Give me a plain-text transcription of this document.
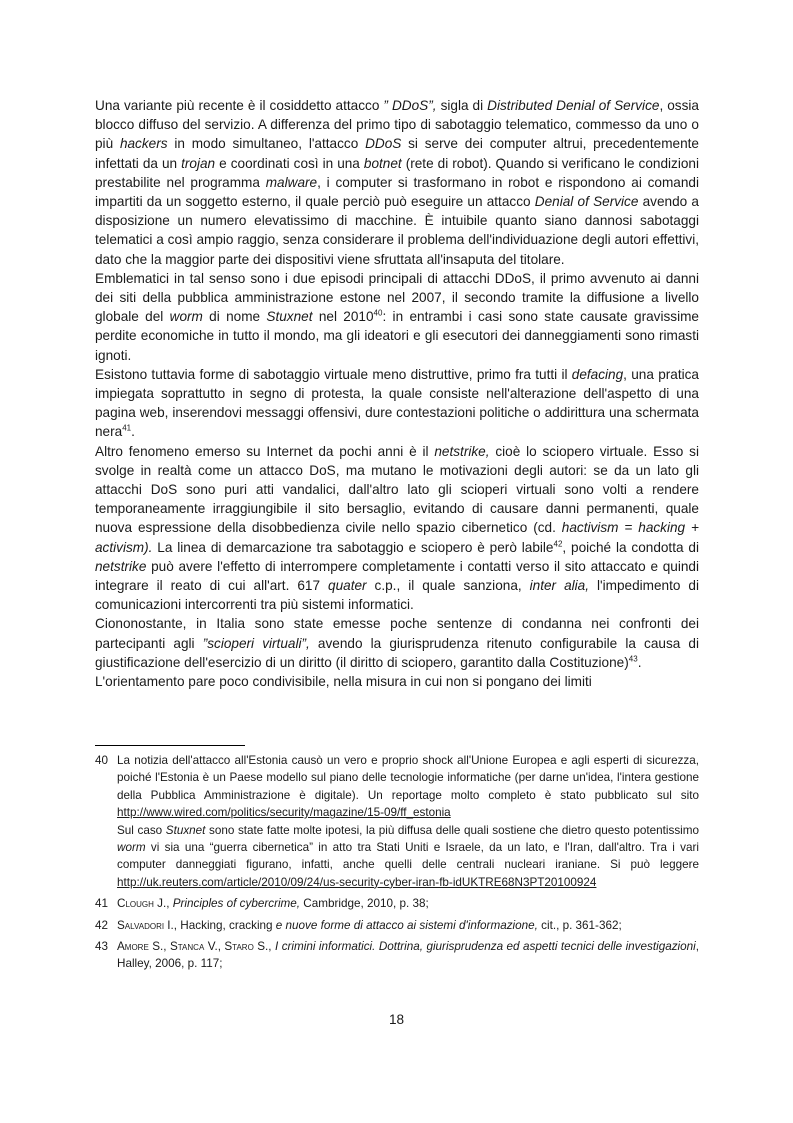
Una variante più recente è il cosiddetto attacco ” DDoS”, sigla di Distributed Denial of Service, ossia blocco diffuso del servizio. A differenza del primo tipo di sabotaggio telematico, commesso da uno o più hackers in modo simultaneo, l'attacco DDoS si serve dei computer altrui, precedentemente infettati da un trojan e coordinati così in una botnet (rete di robot). Quando si verificano le condizioni prestabilite nel programma malware, i computer si trasformano in robot e rispondono ai comandi impartiti da un soggetto esterno, il quale perciò può eseguire un attacco Denial of Service avendo a disposizione un numero elevatissimo di macchine. È intuibile quanto siano dannosi sabotaggi telematici a così ampio raggio, senza considerare il problema dell'individuazione degli autori effettivi, dato che la maggior parte dei dispositivi viene sfruttata all'insaputa del titolare.

Emblematici in tal senso sono i due episodi principali di attacchi DDoS, il primo avvenuto ai danni dei siti della pubblica amministrazione estone nel 2007, il secondo tramite la diffusione a livello globale del worm di nome Stuxnet nel 2010$^{40}$: in entrambi i casi sono state causate gravissime perdite economiche in tutto il mondo, ma gli ideatori e gli esecutori dei danneggiamenti sono rimasti ignoti.

Esistono tuttavia forme di sabotaggio virtuale meno distruttive, primo fra tutti il defacing, una pratica impiegata soprattutto in segno di protesta, la quale consiste nell'alterazione dell'aspetto di una pagina web, inserendovi messaggi offensivi, dure contestazioni politiche o addirittura una schermata nera$^{41}$.

Altro fenomeno emerso su Internet da pochi anni è il netstrike, cioè lo sciopero virtuale. Esso si svolge in realtà come un attacco DoS, ma mutano le motivazioni degli autori: se da un lato gli attacchi DoS sono puri atti vandalici, dall'altro lato gli scioperi virtuali sono volti a rendere temporaneamente irraggiungibile il sito bersaglio, evitando di causare danni permanenti, quale nuova espressione della disobbedienza civile nello spazio cibernetico (cd. hactivism = hacking + activism). La linea di demarcazione tra sabotaggio e sciopero è però labile$^{42}$, poiché la condotta di netstrike può avere l'effetto di interrompere completamente i contatti verso il sito attaccato e quindi integrare il reato di cui all'art. 617 quater c.p., il quale sanziona, inter alia, l'impedimento di comunicazioni intercorrenti tra più sistemi informatici.

Ciononostante, in Italia sono state emesse poche sentenze di condanna nei confronti dei partecipanti agli ”scioperi virtuali”, avendo la giurisprudenza ritenuto configurabile la causa di giustificazione dell'esercizio di un diritto (il diritto di sciopero, garantito dalla Costituzione)$^{43}$.

L'orientamento pare poco condivisibile, nella misura in cui non si pongano dei limiti

40 La notizia dell'attacco all'Estonia causò un vero e proprio shock all'Unione Europea e agli esperti di sicurezza, poiché l'Estonia è un Paese modello sul piano delle tecnologie informatiche (per darne un'idea, l'intera gestione della Pubblica Amministrazione è digitale). Un reportage molto completo è stato pubblicato sul sito http://www.wired.com/politics/security/magazine/15-09/ff_estonia

Sul caso Stuxnet sono state fatte molte ipotesi, la più diffusa delle quali sostiene che dietro questo potentissimo worm vi sia una “guerra cibernetica” in atto tra Stati Uniti e Israele, da un lato, e l'Iran, dall'altro. Tra i vari computer danneggiati figurano, infatti, anche quelli delle centrali nucleari iraniane. Si può leggere http://uk.reuters.com/article/2010/09/24/us-security-cyber-iran-fb-idUKTRE68N3PT20100924

41 Clough J., Principles of cybercrime, Cambridge, 2010, p. 38;

42 Salvadori I., Hacking, cracking e nuove forme di attacco ai sistemi d'informazione, cit., p. 361-362;

43 Amore S., Stanca V., Staro S., I crimini informatici. Dottrina, giurisprudenza ed aspetti tecnici delle investigazioni, Halley, 2006, p. 117;

18
